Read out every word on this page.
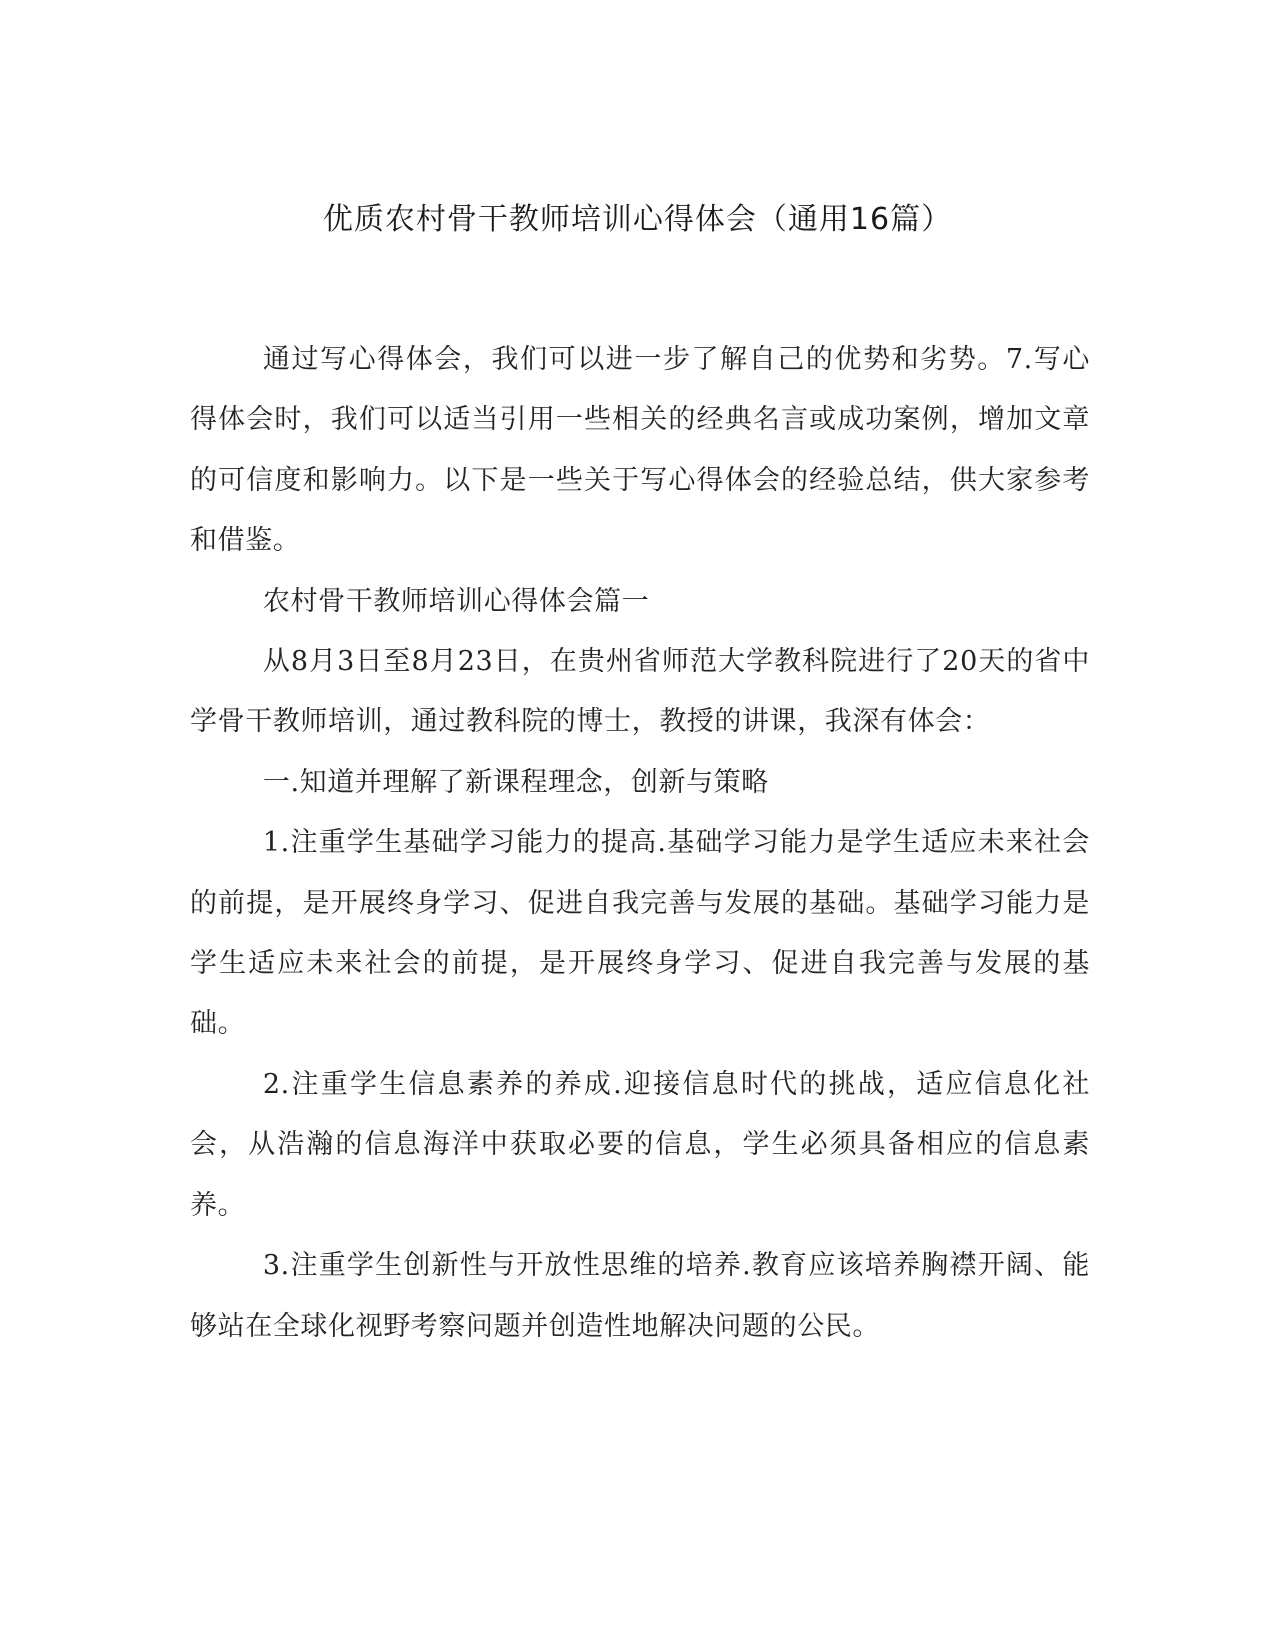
优质农村骨干教师培训心得体会（通用16篇）

通过写心得体会，我们可以进一步了解自己的优势和劣势。7.写心得体会时，我们可以适当引用一些相关的经典名言或成功案例，增加文章的可信度和影响力。以下是一些关于写心得体会的经验总结，供大家参考和借鉴。

农村骨干教师培训心得体会篇一

从8月3日至8月23日，在贵州省师范大学教科院进行了20天的省中学骨干教师培训，通过教科院的博士，教授的讲课，我深有体会：

一.知道并理解了新课程理念，创新与策略

1.注重学生基础学习能力的提高.基础学习能力是学生适应未来社会的前提，是开展终身学习、促进自我完善与发展的基础。基础学习能力是学生适应未来社会的前提，是开展终身学习、促进自我完善与发展的基础。

2.注重学生信息素养的养成.迎接信息时代的挑战，适应信息化社会，从浩瀚的信息海洋中获取必要的信息，学生必须具备相应的信息素养。

3.注重学生创新性与开放性思维的培养.教育应该培养胸襟开阔、能够站在全球化视野考察问题并创造性地解决问题的公民。
